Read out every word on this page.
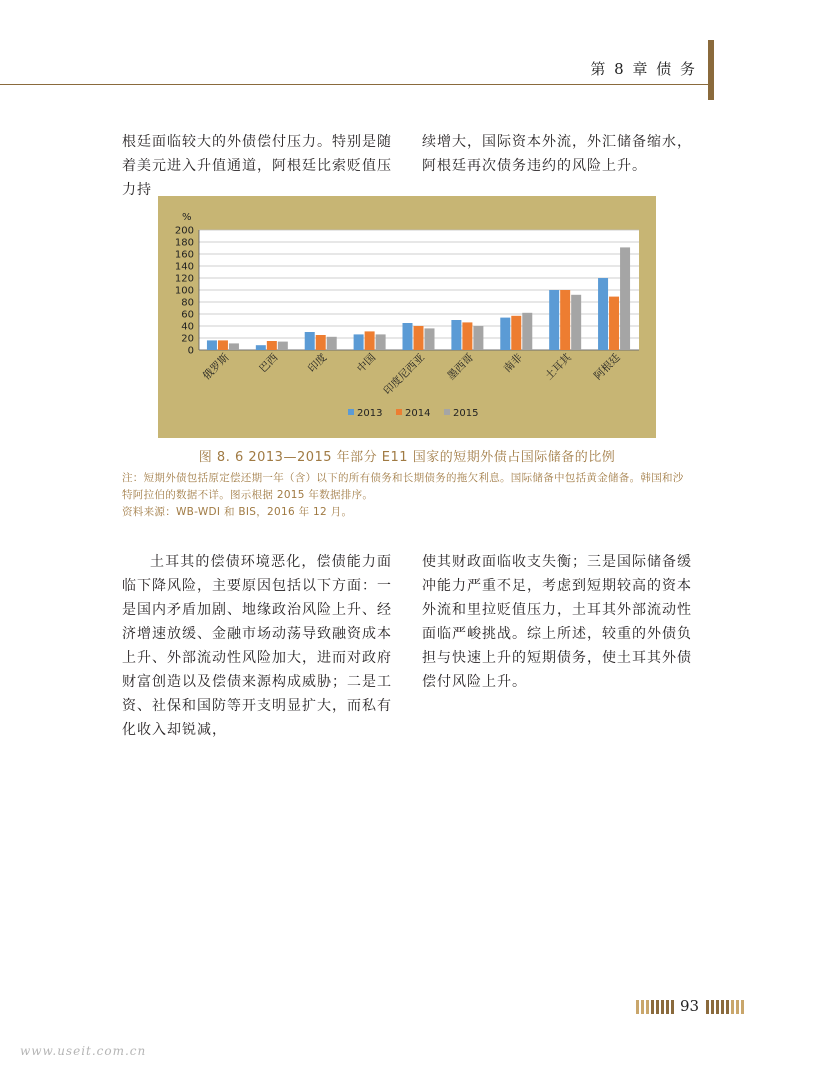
第 8 章 债 务

根廷面临较大的外债偿付压力。特别是随着美元进入升值通道，阿根廷比索贬值压力持

续增大，国际资本外流，外汇储备缩水，阿根廷再次债务违约的风险上升。

0
20
40
60
80
100
120
140
160
180
200
俄罗斯 巴西 印度 中国 印度尼西亚 墨西哥 南非 土耳其 阿根廷
2013 2014 2015
%
图 8. 6 2013—2015 年部分 E11 国家的短期外债占国际储备的比例

注：短期外债包括原定偿还期一年（含）以下的所有债务和长期债务的拖欠利息。国际储备中包括黄金储备。韩国和沙特阿拉伯的数据不详。图示根据 2015 年数据排序。

资料来源：WB-WDI 和 BIS，2016 年 12 月。

土耳其的偿债环境恶化，偿债能力面临下降风险，主要原因包括以下方面：一是国内矛盾加剧、地缘政治风险上升、经济增速放缓、金融市场动荡导致融资成本上升、外部流动性风险加大，进而对政府财富创造以及偿债来源构成威胁；二是工资、社保和国防等开支明显扩大，而私有化收入却锐减，

使其财政面临收支失衡；三是国际储备缓冲能力严重不足，考虑到短期较高的资本外流和里拉贬值压力，土耳其外部流动性面临严峻挑战。综上所述，较重的外债负担与快速上升的短期债务，使土耳其外债偿付风险上升。

93
www.useit.com.cn
